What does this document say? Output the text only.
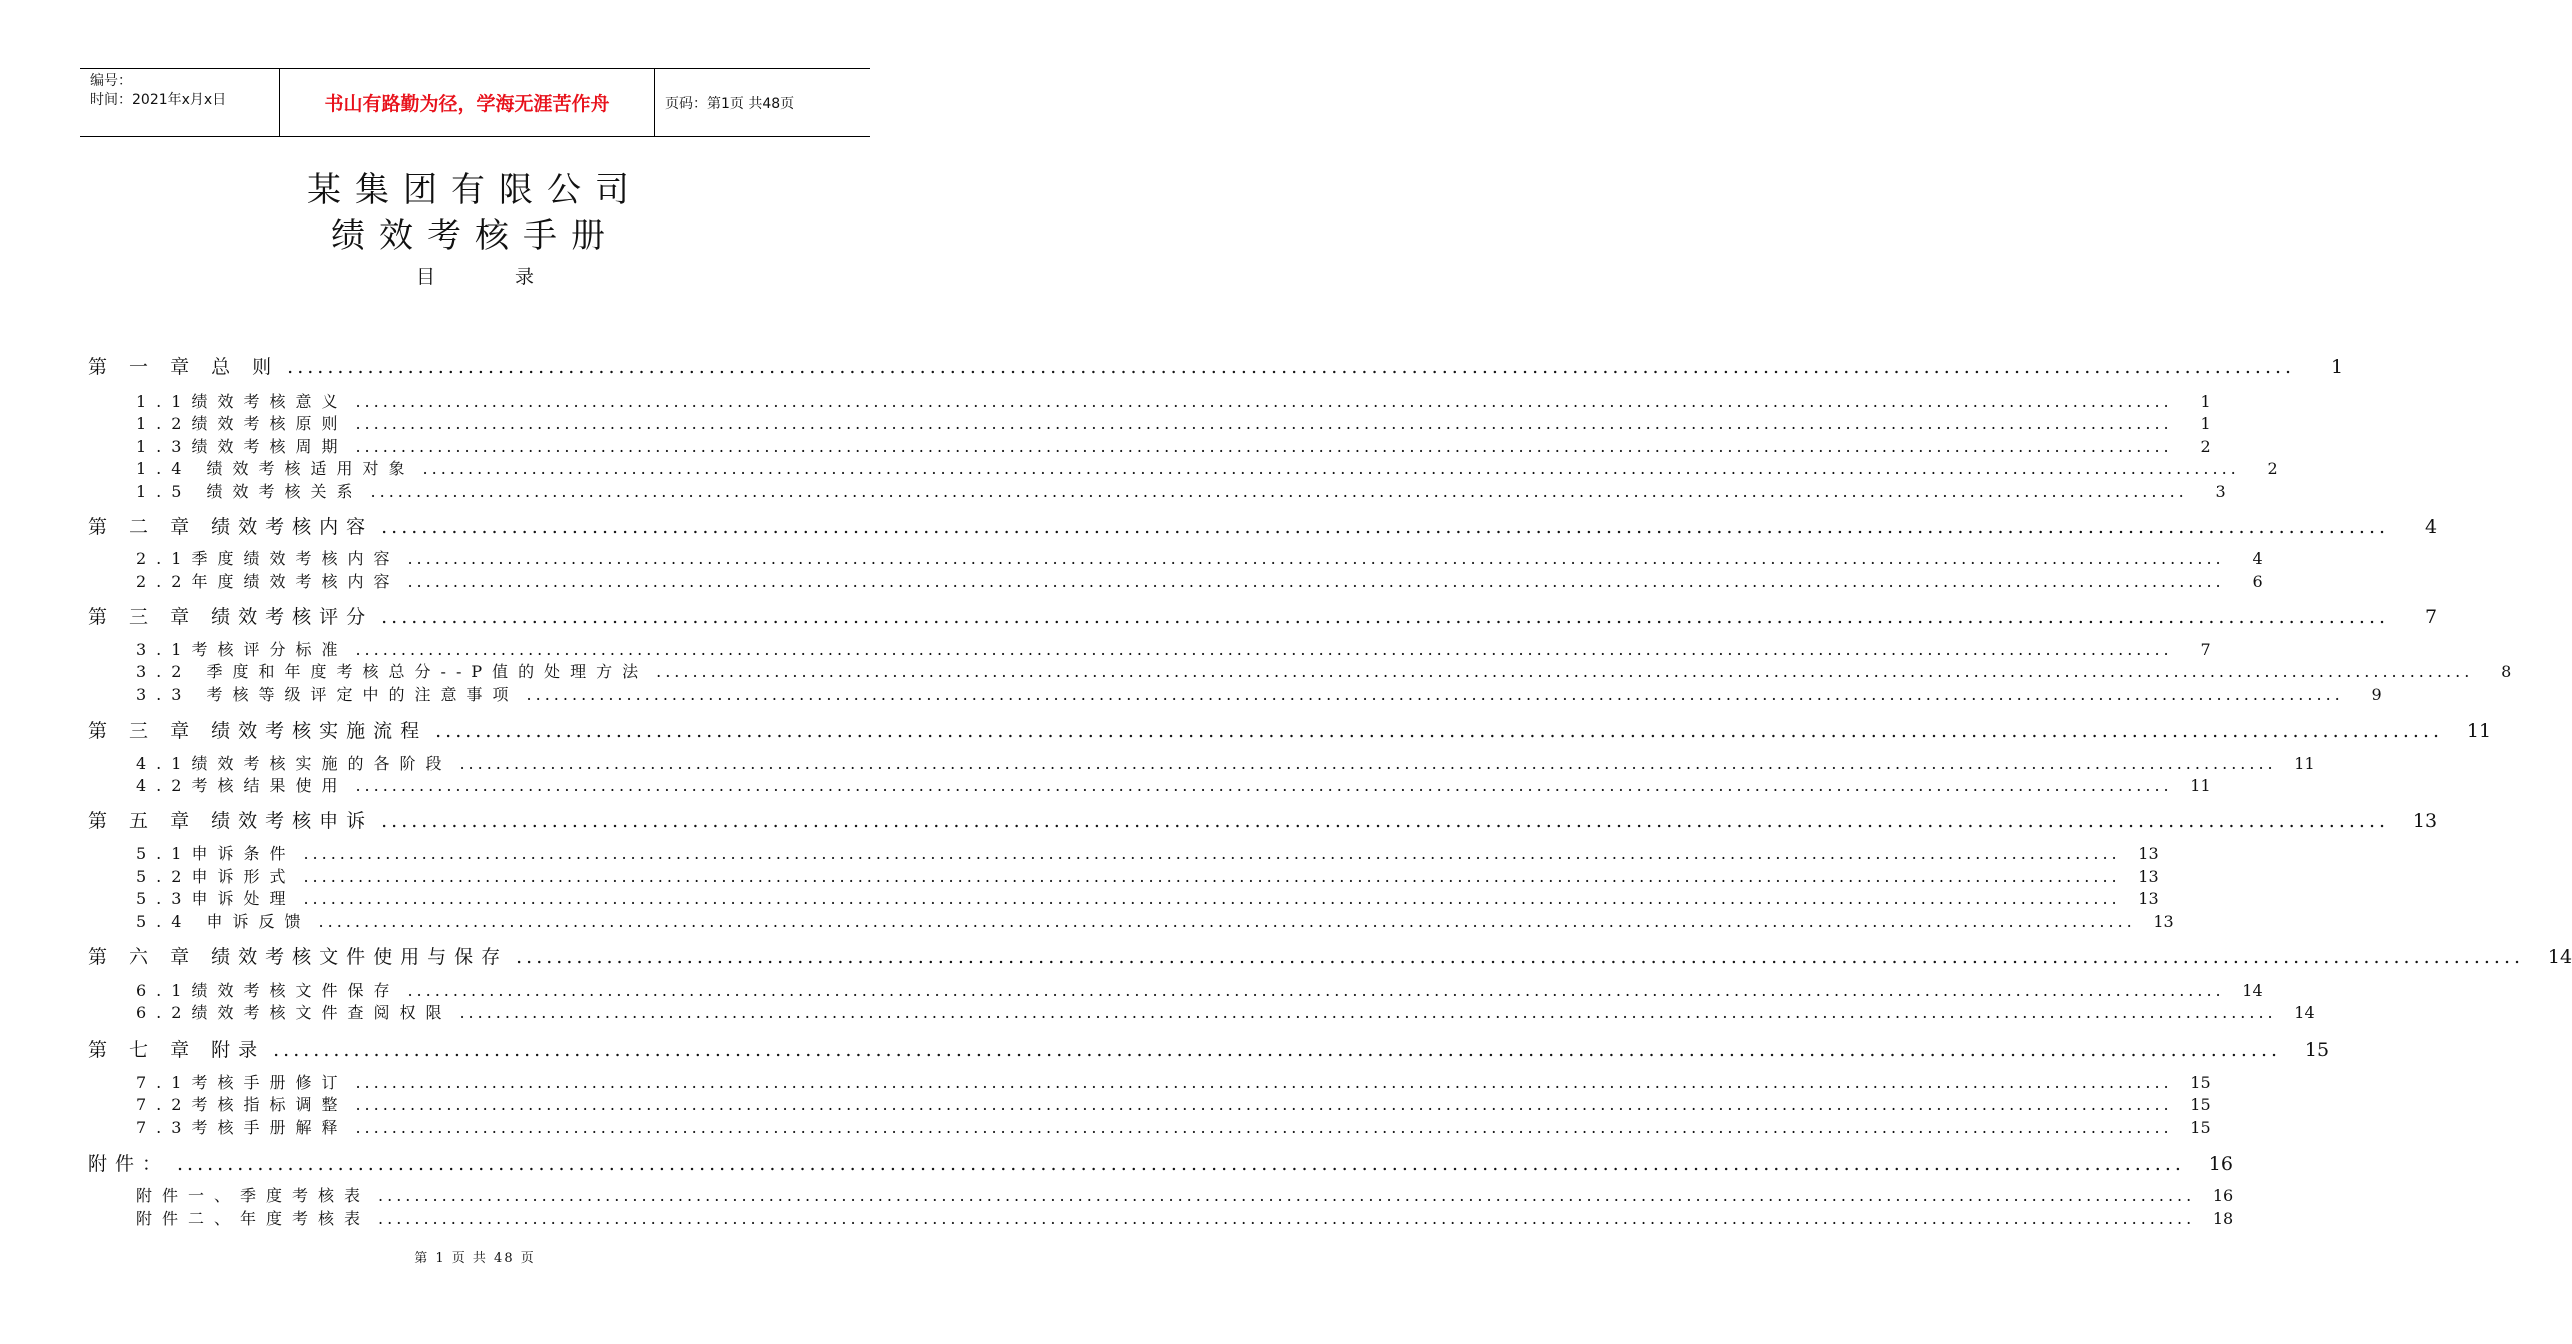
编号：
时间：2021年x月x日	书山有路勤为径，学海无涯苦作舟	页码：第1页 共48页
某集团有限公司
绩效考核手册
目	录
第 一 章 总 则 ........................................................................................................................................................................................................	1
1.1绩效考核意义 ........................................................................................................................................................................................................	1
1.2绩效考核原则 ........................................................................................................................................................................................................	1
1.3绩效考核周期 ........................................................................................................................................................................................................	2
1.4 绩效考核适用对象 ........................................................................................................................................................................................................	2
1.5 绩效考核关系 ........................................................................................................................................................................................................	3
第 二 章 绩效考核内容 ........................................................................................................................................................................................................	4
2.1季度绩效考核内容 ........................................................................................................................................................................................................	4
2.2年度绩效考核内容 ........................................................................................................................................................................................................	6
第 三 章 绩效考核评分 ........................................................................................................................................................................................................	7
3.1考核评分标准 ........................................................................................................................................................................................................	7
3.2 季度和年度考核总分--P值的处理方法 ........................................................................................................................................................................................................	8
3.3 考核等级评定中的注意事项 ........................................................................................................................................................................................................	9
第 三 章 绩效考核实施流程 ........................................................................................................................................................................................................	11
4.1绩效考核实施的各阶段 ........................................................................................................................................................................................................	11
4.2考核结果使用 ........................................................................................................................................................................................................	11
第 五 章 绩效考核申诉 ........................................................................................................................................................................................................	13
5.1申诉条件 ........................................................................................................................................................................................................	13
5.2申诉形式 ........................................................................................................................................................................................................	13
5.3申诉处理 ........................................................................................................................................................................................................	13
5.4 申诉反馈 ........................................................................................................................................................................................................	13
第 六 章 绩效考核文件使用与保存 ........................................................................................................................................................................................................	14
6.1绩效考核文件保存 ........................................................................................................................................................................................................	14
6.2绩效考核文件查阅权限 ........................................................................................................................................................................................................	14
第 七 章 附录 ........................................................................................................................................................................................................	15
7.1考核手册修订 ........................................................................................................................................................................................................	15
7.2考核指标调整 ........................................................................................................................................................................................................	15
7.3考核手册解释 ........................................................................................................................................................................................................	15
附件： ........................................................................................................................................................................................................	16
附件一、季度考核表 ........................................................................................................................................................................................................	16
附件二、年度考核表 ........................................................................................................................................................................................................	18
第 1 页 共 48 页
